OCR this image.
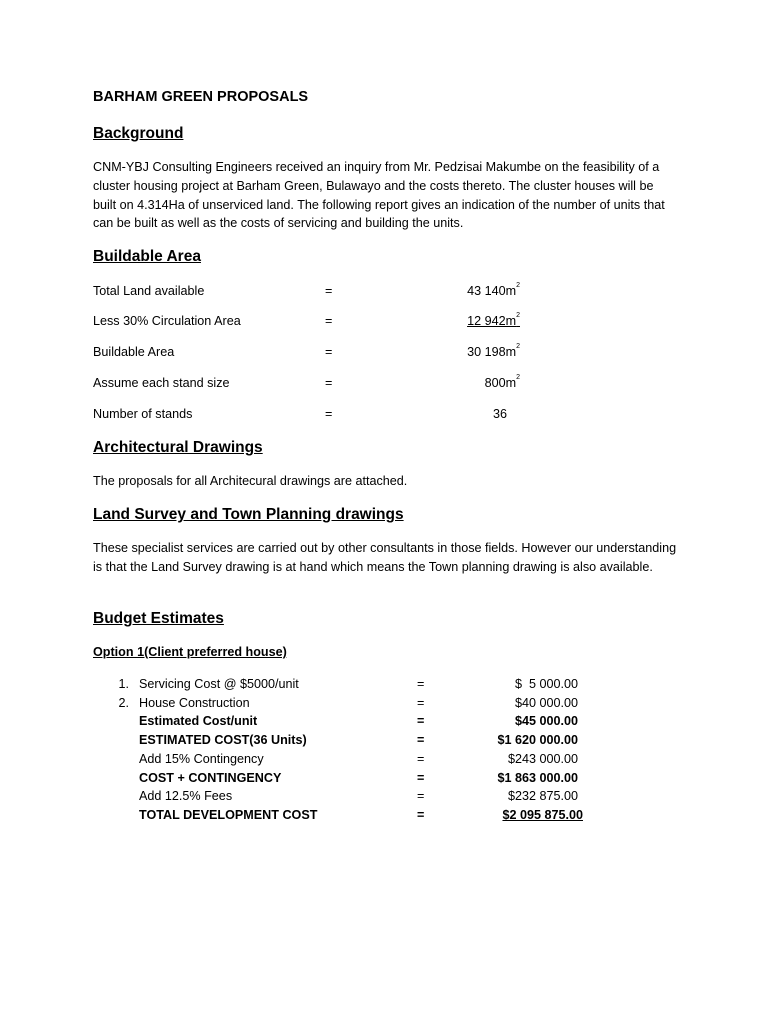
BARHAM GREEN PROPOSALS
Background
CNM-YBJ Consulting Engineers received an inquiry from Mr. Pedzisai Makumbe on the feasibility of a cluster housing project at Barham Green, Bulawayo and the costs thereto. The cluster houses will be built on 4.314Ha of unserviced land. The following report gives an indication of the number of units that can be built as well as the costs of servicing and building the units.
Buildable Area
Total Land available	=	43 $140m^2$
Less 30% Circulation Area	=	12 $942m^2$
Buildable Area	=	30 $198m^2$
Assume each stand size	=	$800m^2$
Number of stands	=	36
Architectural Drawings
The proposals for all Architecural drawings are attached.
Land Survey and Town Planning drawings
These specialist services are carried out by other consultants in those fields. However our understanding is that the Land Survey drawing is at hand which means the Town planning drawing is also available.
Budget Estimates
Option 1(Client preferred house)
1. Servicing Cost @ $5000/unit	=	$  5 000.00
2. House Construction	=	$40 000.00
Estimated Cost/unit	=	$45 000.00
ESTIMATED COST(36 Units)	=	$1 620 000.00
Add 15% Contingency	=	$243 000.00
COST + CONTINGENCY	=	$1 863 000.00
Add 12.5% Fees	=	$232 875.00
TOTAL DEVELOPMENT COST	=	$2 095 875.00
